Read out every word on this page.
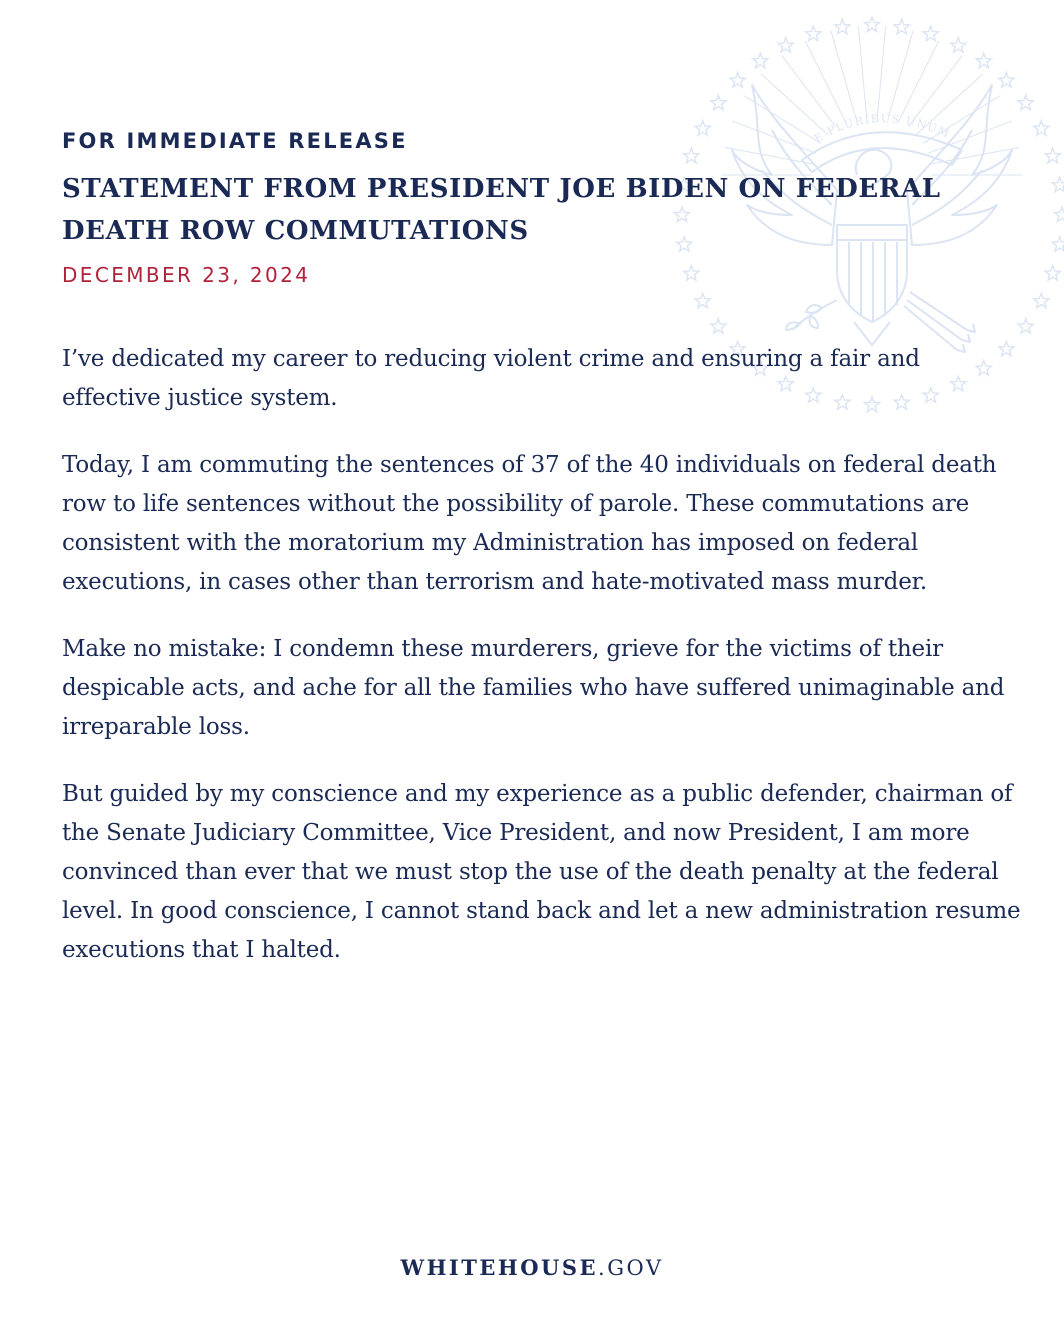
E PLURIBUS UNUM
FOR IMMEDIATE RELEASE
STATEMENT FROM PRESIDENT JOE BIDEN ON FEDERAL DEATH ROW COMMUTATIONS
DECEMBER 23, 2024

I’ve dedicated my career to reducing violent crime and ensuring a fair and effective justice system.

Today, I am commuting the sentences of 37 of the 40 individuals on federal death row to life sentences without the possibility of parole. These commutations are consistent with the moratorium my Administration has imposed on federal executions, in cases other than terrorism and hate-motivated mass murder.

Make no mistake: I condemn these murderers, grieve for the victims of their despicable acts, and ache for all the families who have suffered unimaginable and irreparable loss.

But guided by my conscience and my experience as a public defender, chairman of the Senate Judiciary Committee, Vice President, and now President, I am more convinced than ever that we must stop the use of the death penalty at the federal level. In good conscience, I cannot stand back and let a new administration resume executions that I halted.

WHITEHOUSE.GOV
